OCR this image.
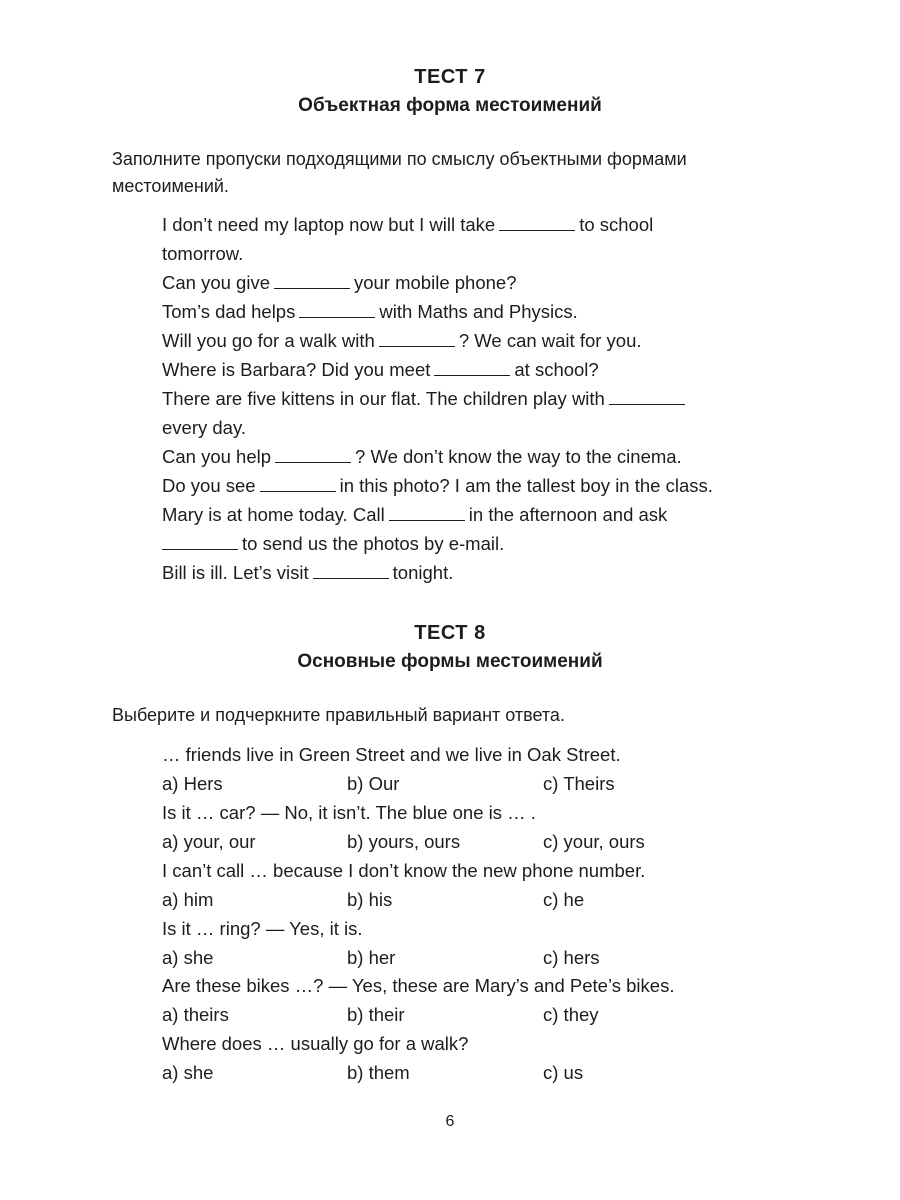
ТЕСТ 7
Объектная форма местоимений
Заполните пропуски подходящими по смыслу объектными формами местоимений.
I don’t need my laptop now but I will take	to school
tomorrow.
Can you give	your mobile phone?
Tom’s dad helps	with Maths and Physics.
Will you go for a walk with	? We can wait for you.
Where is Barbara? Did you meet	at school?
There are five kittens in our flat. The children play with
every day.
Can you help	? We don’t know the way to the cinema.
Do you see	in this photo? I am the tallest boy in the class.
Mary is at home today. Call	in the afternoon and ask
to send us the photos by e-mail.
Bill is ill. Let’s visit	tonight.
ТЕСТ 8
Основные формы местоимений
Выберите и подчеркните правильный вариант ответа.
… friends live in Green Street and we live in Oak Street.
a) Hers	b) Our	c) Theirs
Is it … car? — No, it isn’t. The blue one is … .
a) your, our	b) yours, ours	c) your, ours
I can’t call … because I don’t know the new phone number.
a) him	b) his	c) he
Is it … ring? — Yes, it is.
a) she	b) her	c) hers
Are these bikes …? — Yes, these are Mary’s and Pete’s bikes.
a) theirs	b) their	c) they
Where does … usually go for a walk?
a) she	b) them	c) us
6
